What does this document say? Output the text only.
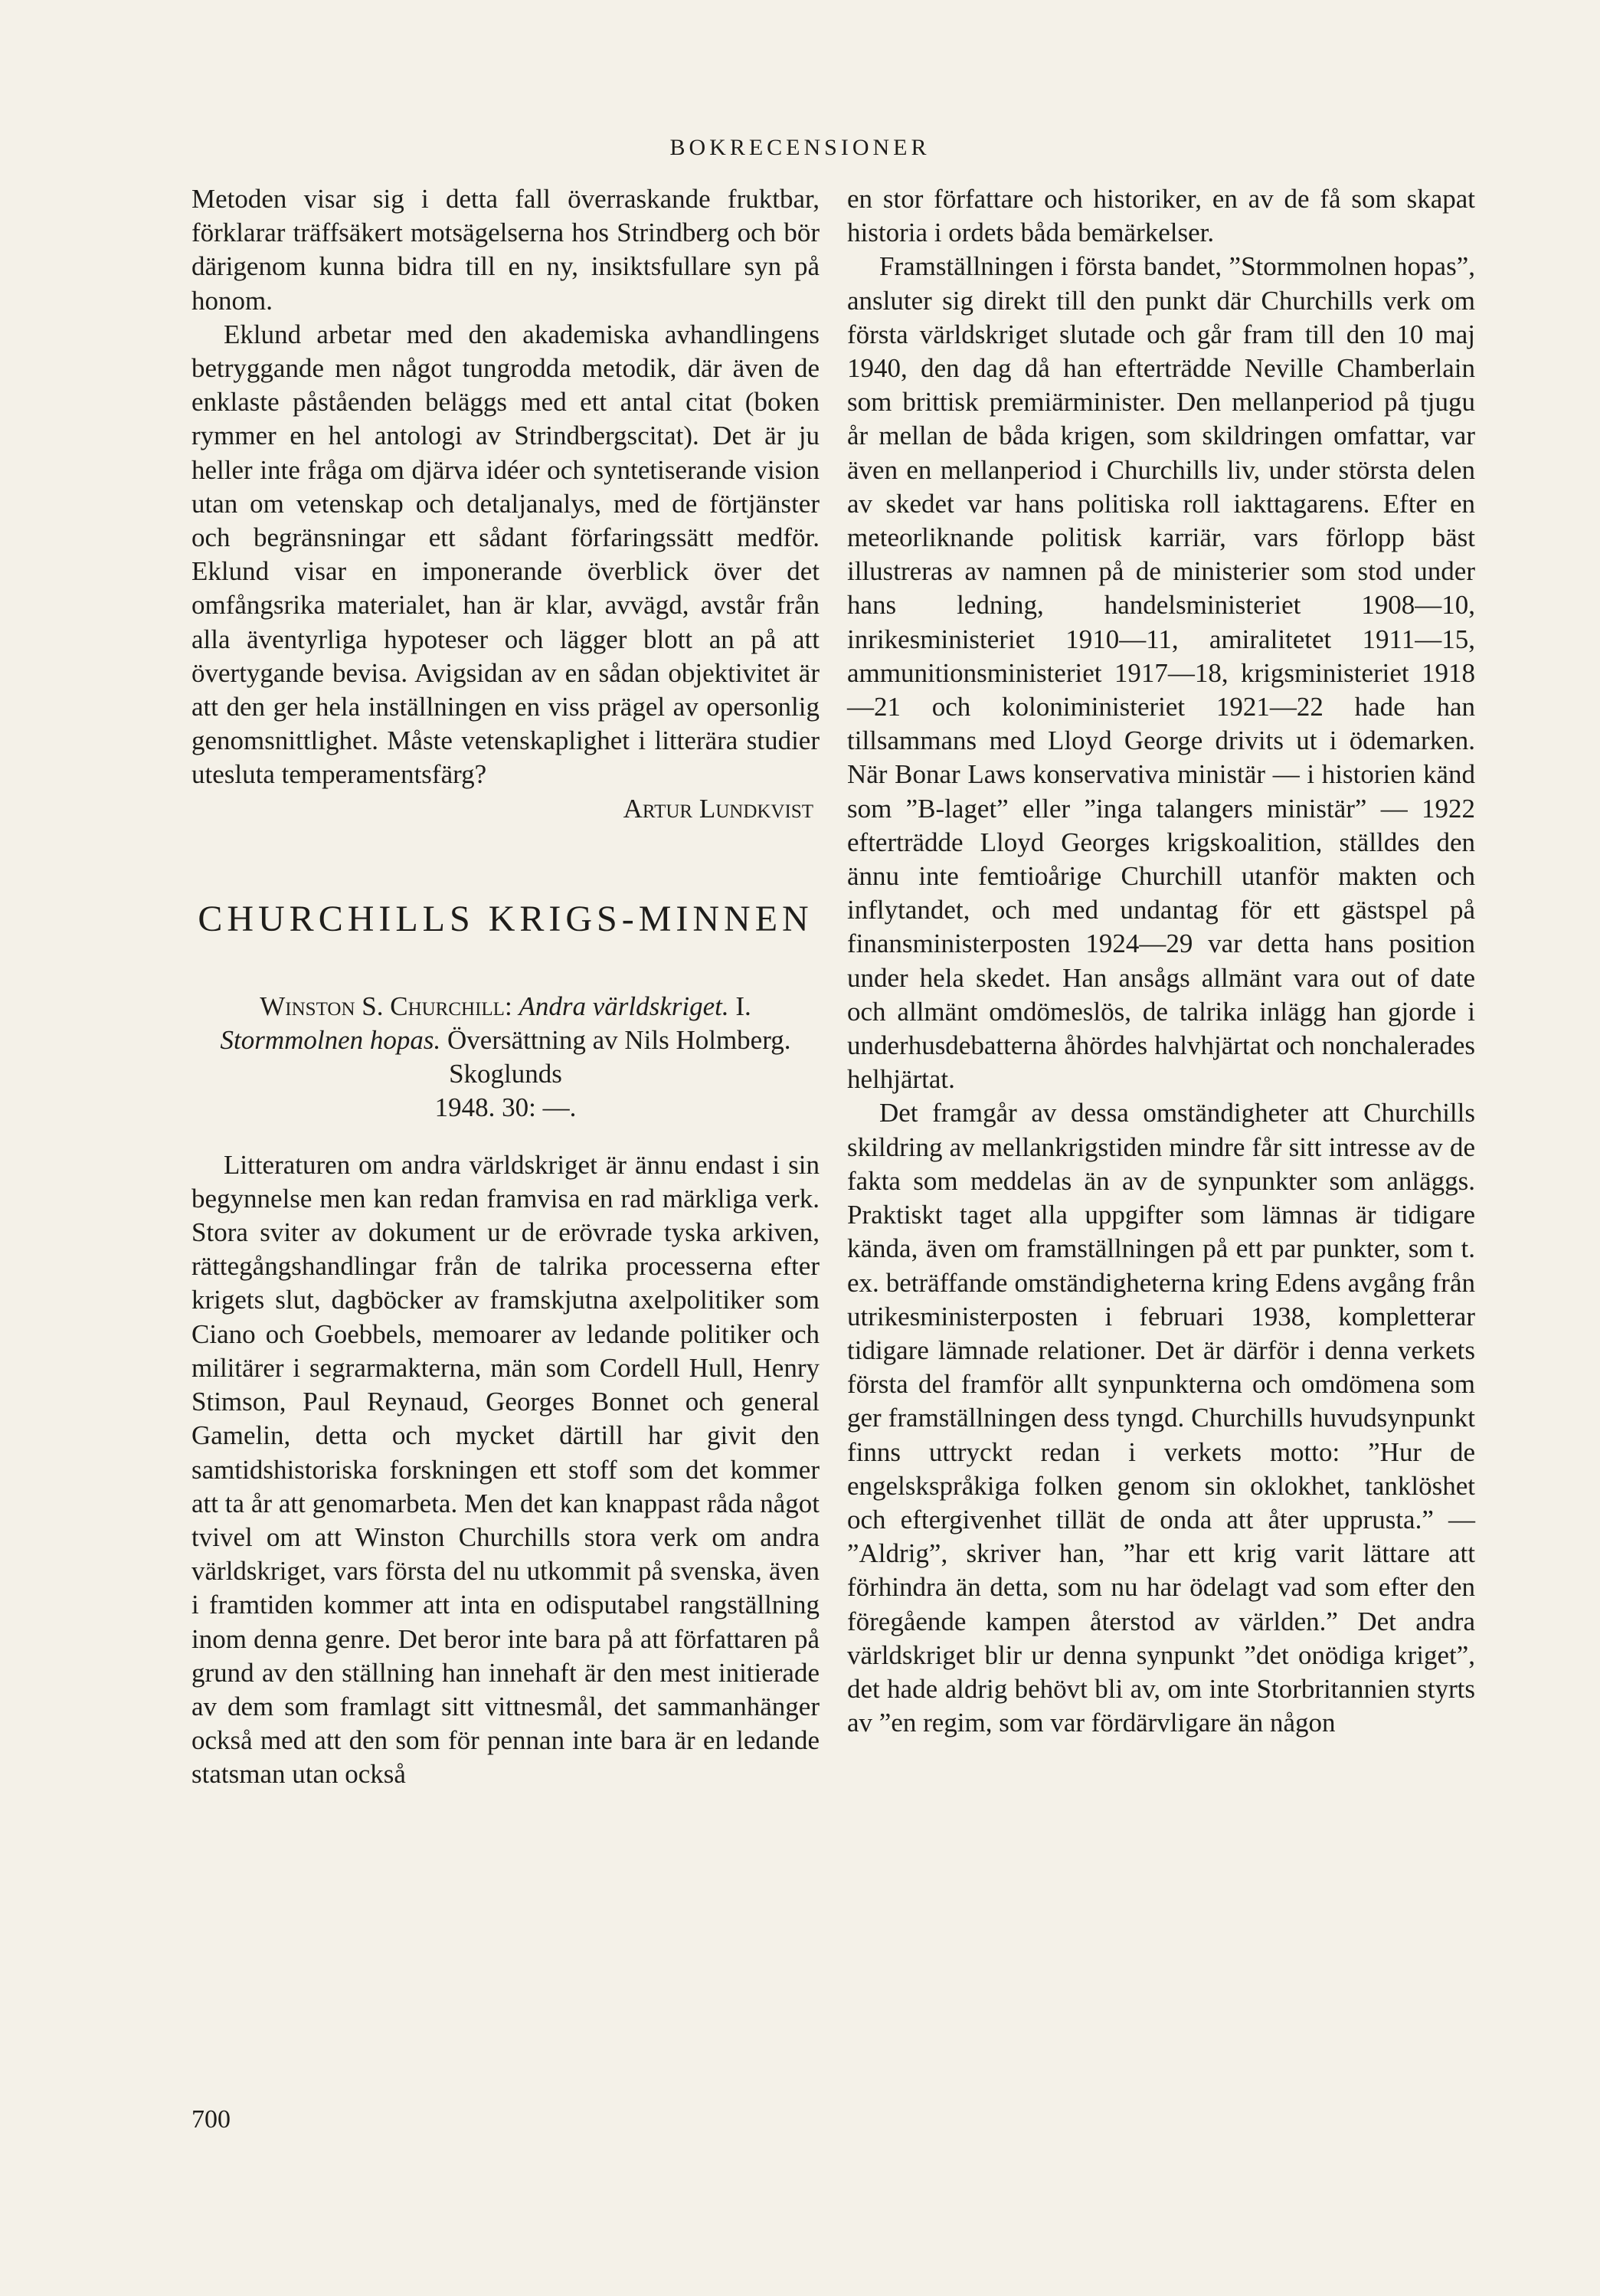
BOKRECENSIONER

Metoden visar sig i detta fall överraskande fruktbar, förklarar träffsäkert motsägelserna hos Strindberg och bör därigenom kunna bidra till en ny, insiktsfullare syn på honom.

Eklund arbetar med den akademiska avhandlingens betryggande men något tungrodda metodik, där även de enklaste påståenden beläggs med ett antal citat (boken rymmer en hel antologi av Strindbergscitat). Det är ju heller inte fråga om djärva idéer och syntetiserande vision utan om vetenskap och detaljanalys, med de förtjänster och begränsningar ett sådant förfaringssätt medför. Eklund visar en imponerande överblick över det omfångsrika materialet, han är klar, avvägd, avstår från alla äventyrliga hypoteser och lägger blott an på att övertygande bevisa. Avigsidan av en sådan objektivitet är att den ger hela inställningen en viss prägel av opersonlig genomsnittlighet. Måste vetenskaplighet i litterära studier utesluta temperamentsfärg?

Artur Lundkvist

CHURCHILLS KRIGS-MINNEN
Winston S. Churchill: Andra världskriget. I. Stormmolnen hopas. Översättning av Nils Holmberg. Skoglunds
1948. 30: —.

Litteraturen om andra världskriget är ännu endast i sin begynnelse men kan redan framvisa en rad märkliga verk. Stora sviter av dokument ur de erövrade tyska arkiven, rättegångshandlingar från de talrika processerna efter krigets slut, dagböcker av framskjutna axelpolitiker som Ciano och Goebbels, memoarer av ledande politiker och militärer i segrarmakterna, män som Cordell Hull, Henry Stimson, Paul Reynaud, Georges Bonnet och general Gamelin, detta och mycket därtill har givit den samtidshistoriska forskningen ett stoff som det kommer att ta år att genomarbeta. Men det kan knappast råda något tvivel om att Winston Churchills stora verk om andra världskriget, vars första del nu utkommit på svenska, även i framtiden kommer att inta en odisputabel rangställning inom denna genre. Det beror inte bara på att författaren på grund av den ställning han innehaft är den mest initierade av dem som framlagt sitt vittnesmål, det sammanhänger också med att den som för pennan inte bara är en ledande statsman utan också

en stor författare och historiker, en av de få som skapat historia i ordets båda bemärkelser.

Framställningen i första bandet, ”Stormmolnen hopas”, ansluter sig direkt till den punkt där Churchills verk om första världskriget slutade och går fram till den 10 maj 1940, den dag då han efterträdde Neville Chamberlain som brittisk premiärminister. Den mellanperiod på tjugu år mellan de båda krigen, som skildringen omfattar, var även en mellanperiod i Churchills liv, under största delen av skedet var hans politiska roll iakttagarens. Efter en meteorliknande politisk karriär, vars förlopp bäst illustreras av namnen på de ministerier som stod under hans ledning, handelsministeriet 1908—10, inrikesministeriet 1910—11, amiralitetet 1911—15, ammunitionsministeriet 1917—18, krigsministeriet 1918—21 och koloniministeriet 1921—22 hade han tillsammans med Lloyd George drivits ut i ödemarken. När Bonar Laws konservativa ministär — i historien känd som ”B-laget” eller ”inga talangers ministär” — 1922 efterträdde Lloyd Georges krigskoalition, ställdes den ännu inte femtioårige Churchill utanför makten och inflytandet, och med undantag för ett gästspel på finansministerposten 1924—29 var detta hans position under hela skedet. Han ansågs allmänt vara out of date och allmänt omdömeslös, de talrika inlägg han gjorde i underhusdebatterna åhördes halvhjärtat och nonchalerades helhjärtat.

Det framgår av dessa omständigheter att Churchills skildring av mellankrigstiden mindre får sitt intresse av de fakta som meddelas än av de synpunkter som anläggs. Praktiskt taget alla uppgifter som lämnas är tidigare kända, även om framställningen på ett par punkter, som t. ex. beträffande omständigheterna kring Edens avgång från utrikesministerposten i februari 1938, kompletterar tidigare lämnade relationer. Det är därför i denna verkets första del framför allt synpunkterna och omdömena som ger framställningen dess tyngd. Churchills huvudsynpunkt finns uttryckt redan i verkets motto: ”Hur de engelskspråkiga folken genom sin oklokhet, tanklöshet och eftergivenhet tillät de onda att åter upprusta.” — ”Aldrig”, skriver han, ”har ett krig varit lättare att förhindra än detta, som nu har ödelagt vad som efter den föregående kampen återstod av världen.” Det andra världskriget blir ur denna synpunkt ”det onödiga kriget”, det hade aldrig behövt bli av, om inte Storbritannien styrts av ”en regim, som var fördärvligare än någon

700
